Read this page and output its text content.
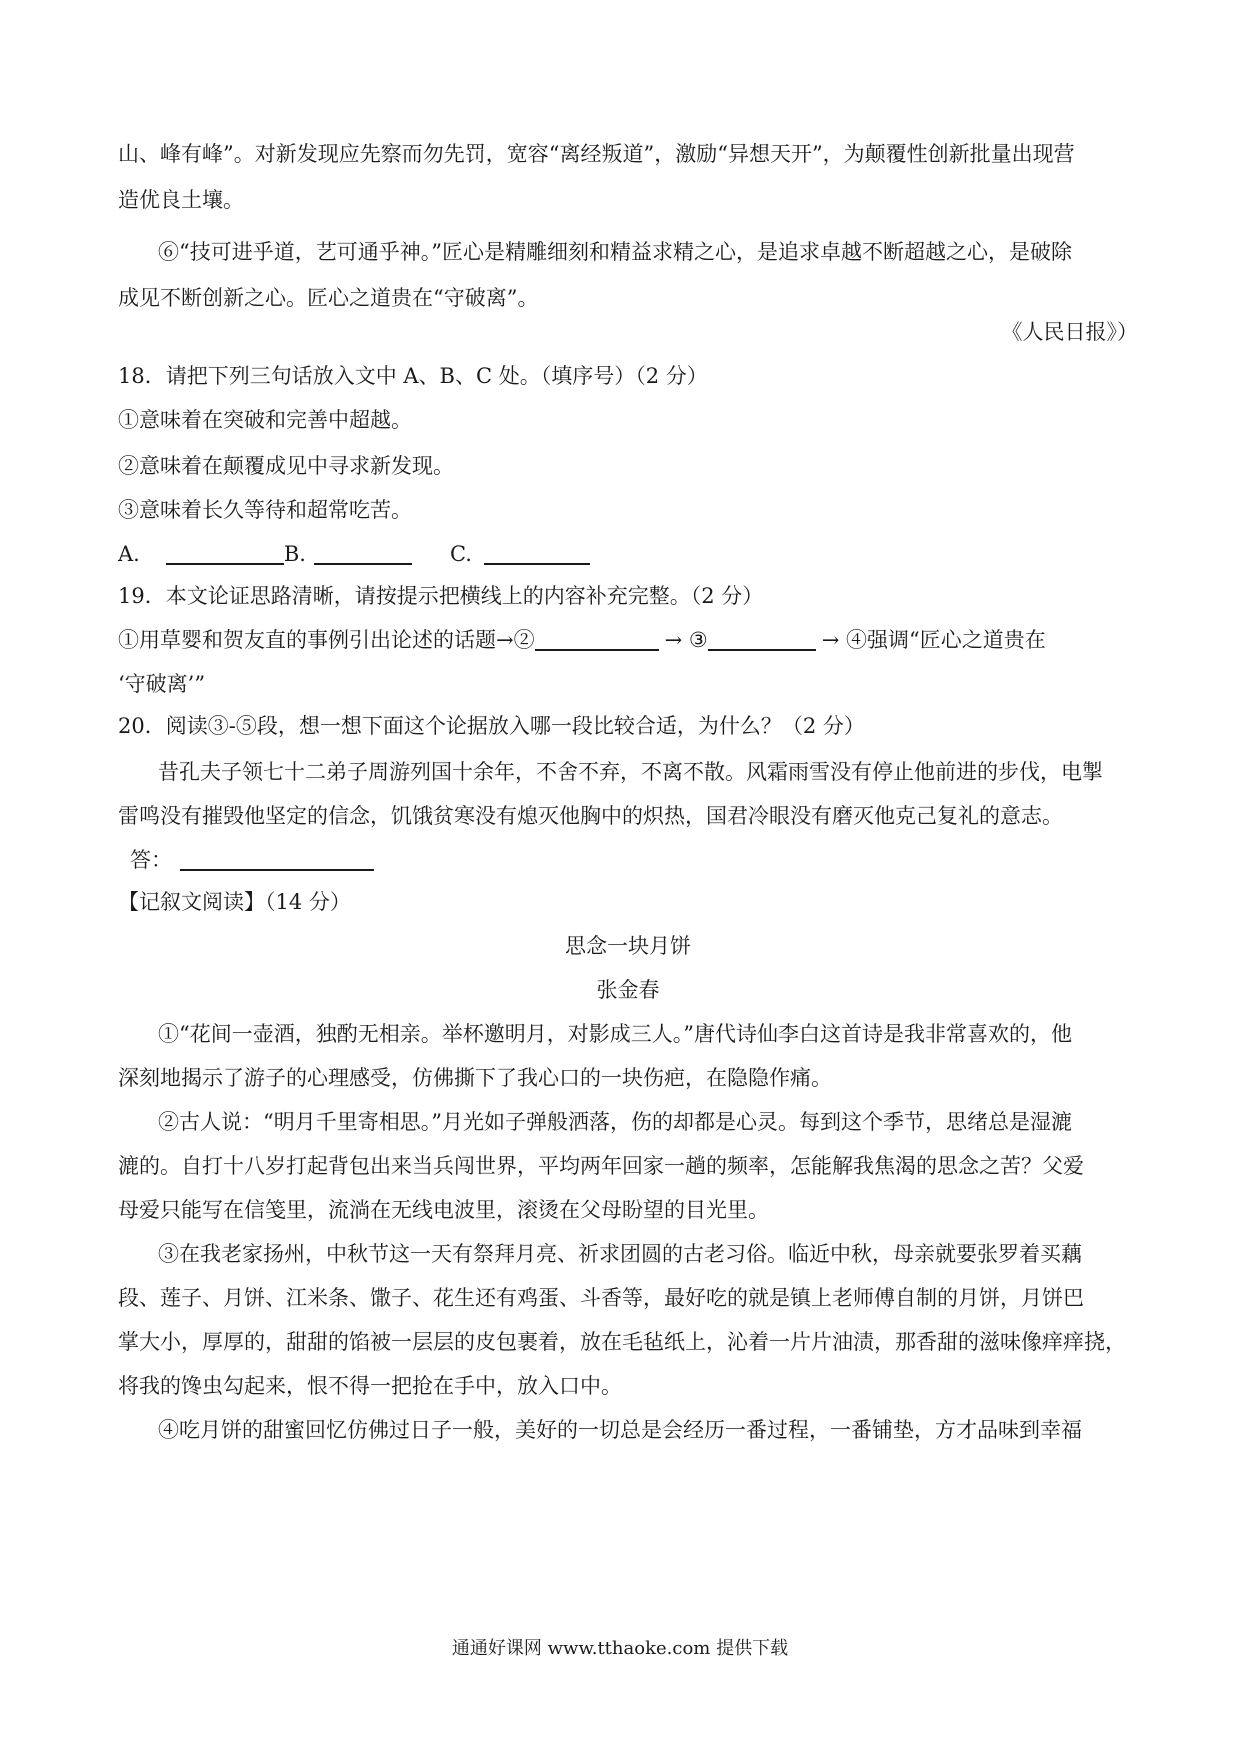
山、峰有峰”。对新发现应先察而勿先罚，宽容“离经叛道”，激励“异想天开”，为颠覆性创新批量出现营
造优良土壤。
⑥“技可进乎道，艺可通乎神。”匠心是精雕细刻和精益求精之心，是追求卓越不断超越之心，是破除
成见不断创新之心。匠心之道贵在“守破离”。
《人民日报》）
18．请把下列三句话放入文中 A、B、C 处。（填序号）（2 分）
①意味着在突破和完善中超越。
②意味着在颠覆成见中寻求新发现。
③意味着长久等待和超常吃苦。
A.	B.	C.
19．本文论证思路清晰，请按提示把横线上的内容补充完整。（2 分）
①用草婴和贺友直的事例引出论述的话题→②	→ ③	→ ④强调“匠心之道贵在
‘守破离’”
20．阅读③-⑤段，想一想下面这个论据放入哪一段比较合适，为什么？（2 分）
昔孔夫子领七十二弟子周游列国十余年，不舍不弃，不离不散。风霜雨雪没有停止他前进的步伐，电掣
雷鸣没有摧毁他坚定的信念，饥饿贫寒没有熄灭他胸中的炽热，国君冷眼没有磨灭他克己复礼的意志。
答：
【记叙文阅读】（14 分）
思念一块月饼
张金春
①“花间一壶酒，独酌无相亲。举杯邀明月，对影成三人。”唐代诗仙李白这首诗是我非常喜欢的，他
深刻地揭示了游子的心理感受，仿佛撕下了我心口的一块伤疤，在隐隐作痛。
②古人说：“明月千里寄相思。”月光如子弹般洒落，伤的却都是心灵。每到这个季节，思绪总是湿漉
漉的。自打十八岁打起背包出来当兵闯世界，平均两年回家一趟的频率，怎能解我焦渴的思念之苦？父爱
母爱只能写在信笺里，流淌在无线电波里，滚烫在父母盼望的目光里。
③在我老家扬州，中秋节这一天有祭拜月亮、祈求团圆的古老习俗。临近中秋，母亲就要张罗着买藕
段、莲子、月饼、江米条、馓子、花生还有鸡蛋、斗香等，最好吃的就是镇上老师傅自制的月饼，月饼巴
掌大小，厚厚的，甜甜的馅被一层层的皮包裹着，放在毛毡纸上，沁着一片片油渍，那香甜的滋味像痒痒挠，
将我的馋虫勾起来，恨不得一把抢在手中，放入口中。
④吃月饼的甜蜜回忆仿佛过日子一般，美好的一切总是会经历一番过程，一番铺垫，方才品味到幸福
通通好课网 www.tthaoke.com 提供下载
